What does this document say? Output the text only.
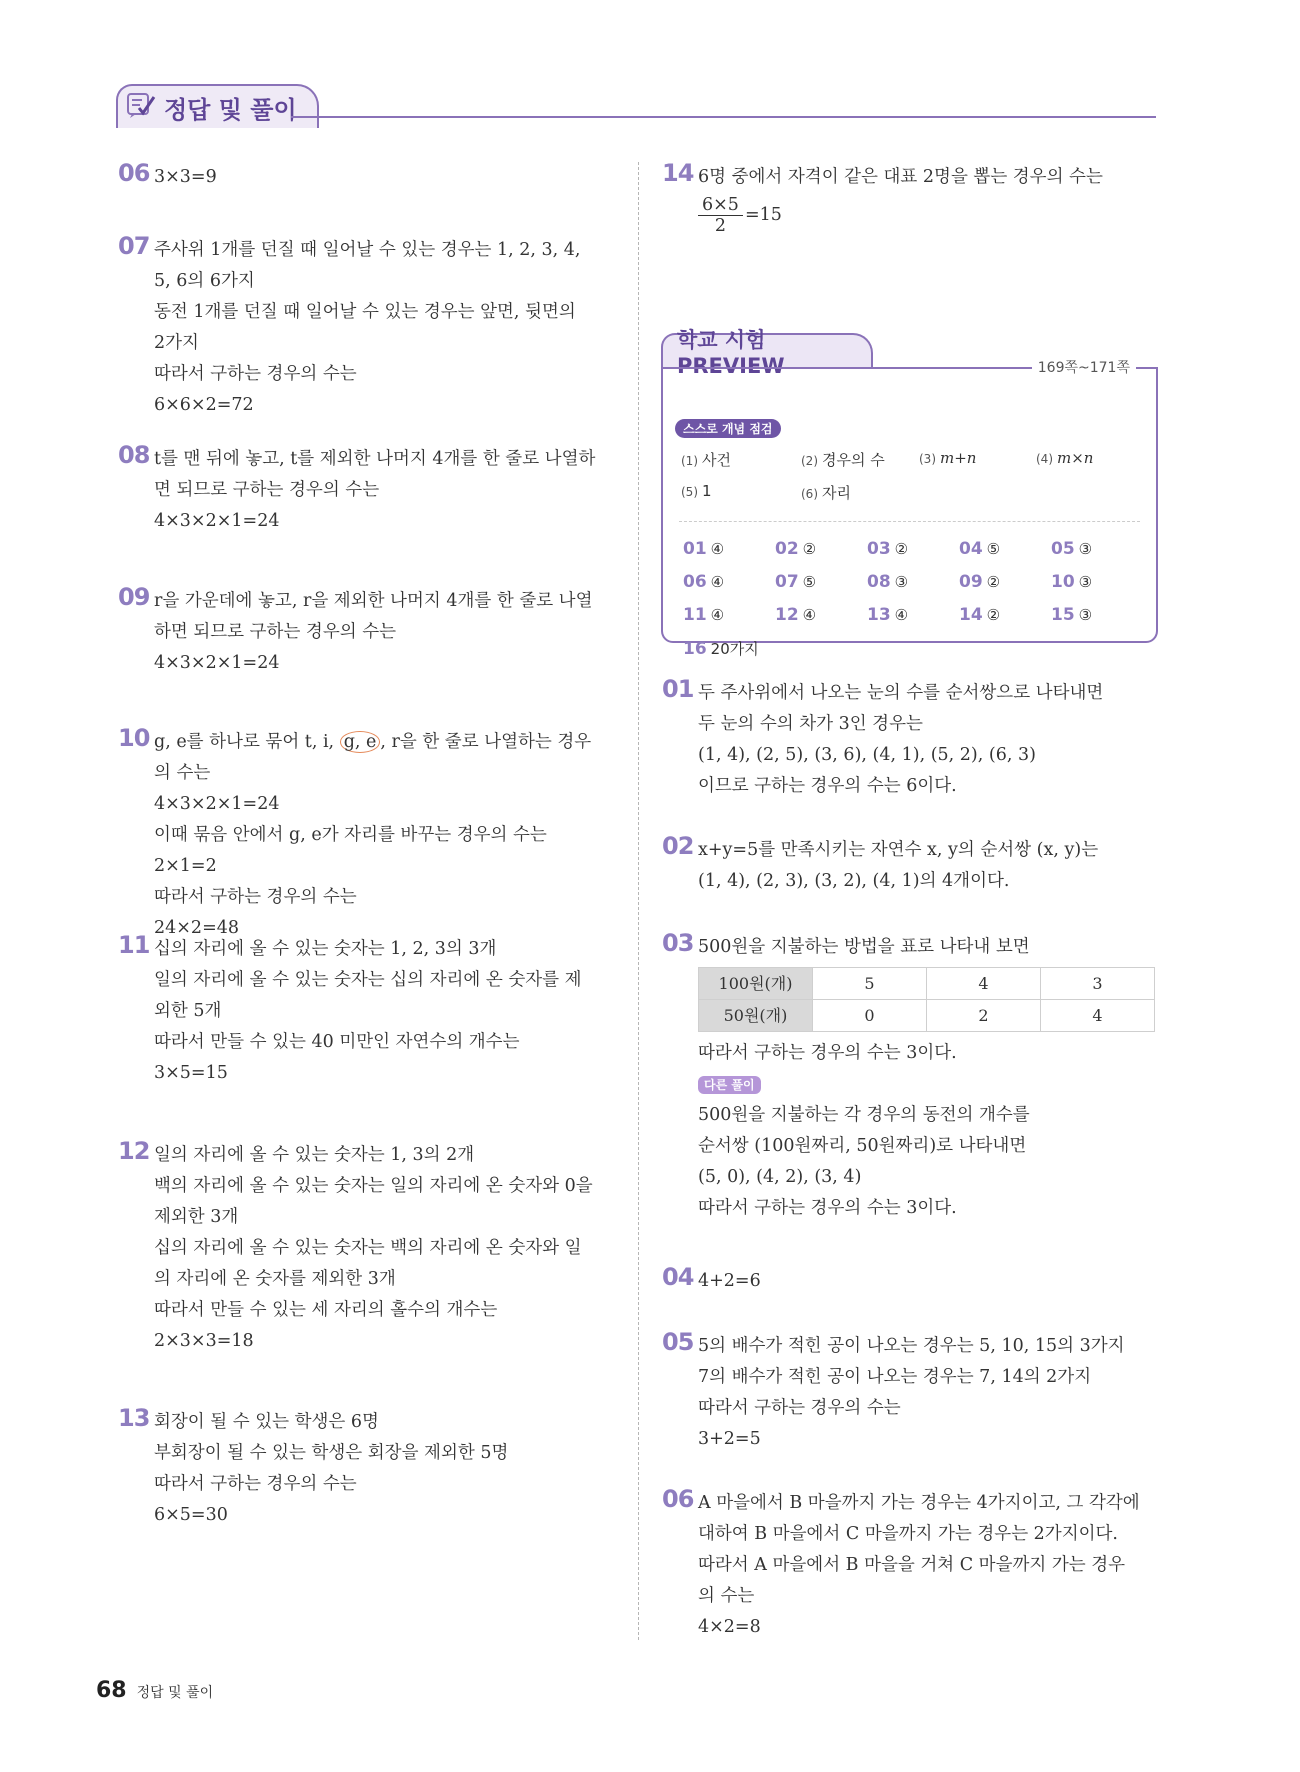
정답 및 풀이
06 3×3=9
07 주사위 1개를 던질 때 일어날 수 있는 경우는 1, 2, 3, 4,
5, 6의 6가지
동전 1개를 던질 때 일어날 수 있는 경우는 앞면, 뒷면의
2가지
따라서 구하는 경우의 수는
6×6×2=72
08 t를 맨 뒤에 놓고, t를 제외한 나머지 4개를 한 줄로 나열하
면 되므로 구하는 경우의 수는
4×3×2×1=24
09 r을 가운데에 놓고, r을 제외한 나머지 4개를 한 줄로 나열
하면 되므로 구하는 경우의 수는
4×3×2×1=24
10 g, e를 하나로 묶어 t, i, g, e , r을 한 줄로 나열하는 경우
의 수는
4×3×2×1=24
이때 묶음 안에서 g, e가 자리를 바꾸는 경우의 수는
2×1=2
따라서 구하는 경우의 수는
24×2=48
11 십의 자리에 올 수 있는 숫자는 1, 2, 3의 3개
일의 자리에 올 수 있는 숫자는 십의 자리에 온 숫자를 제
외한 5개
따라서 만들 수 있는 40 미만인 자연수의 개수는
3×5=15
12 일의 자리에 올 수 있는 숫자는 1, 3의 2개
백의 자리에 올 수 있는 숫자는 일의 자리에 온 숫자와 0을
제외한 3개
십의 자리에 올 수 있는 숫자는 백의 자리에 온 숫자와 일
의 자리에 온 숫자를 제외한 3개
따라서 만들 수 있는 세 자리의 홀수의 개수는
2×3×3=18
13 회장이 될 수 있는 학생은 6명
부회장이 될 수 있는 학생은 회장을 제외한 5명
따라서 구하는 경우의 수는
6×5=30
14 6명 중에서 자격이 같은 대표 2명을 뽑는 경우의 수는
$\frac{6\times 5}{2} =15$
학교 시험 PREVIEW
스스로 개념 점검
(1) 사건	(2) 경우의 수	(3) m+n	(4) m×n
(5) 1	(6) 자리
01 ④	02 ②	03 ②	04 ⑤	05 ③
06 ④	07 ⑤	08 ③	09 ②	10 ③
11 ④	12 ④	13 ④	14 ②	15 ③
16 20가지
169쪽~171쪽
01 두 주사위에서 나오는 눈의 수를 순서쌍으로 나타내면
두 눈의 수의 차가 3인 경우는
(1, 4), (2, 5), (3, 6), (4, 1), (5, 2), (6, 3)
이므로 구하는 경우의 수는 6이다.
02 x+y=5를 만족시키는 자연수 x, y의 순서쌍 (x, y)는
(1, 4), (2, 3), (3, 2), (4, 1)의 4개이다.
03 500원을 지불하는 방법을 표로 나타내 보면
100원(개)	5	4	3
50원(개)	0	2	4
따라서 구하는 경우의 수는 3이다.
다른 풀이
500원을 지불하는 각 경우의 동전의 개수를
순서쌍 (100원짜리, 50원짜리)로 나타내면
(5, 0), (4, 2), (3, 4)
따라서 구하는 경우의 수는 3이다.
04 4+2=6
05 5의 배수가 적힌 공이 나오는 경우는 5, 10, 15의 3가지
7의 배수가 적힌 공이 나오는 경우는 7, 14의 2가지
따라서 구하는 경우의 수는
3+2=5
06 A 마을에서 B 마을까지 가는 경우는 4가지이고, 그 각각에
대하여 B 마을에서 C 마을까지 가는 경우는 2가지이다.
따라서 A 마을에서 B 마을을 거쳐 C 마을까지 가는 경우
의 수는
4×2=8
68 정답 및 풀이
